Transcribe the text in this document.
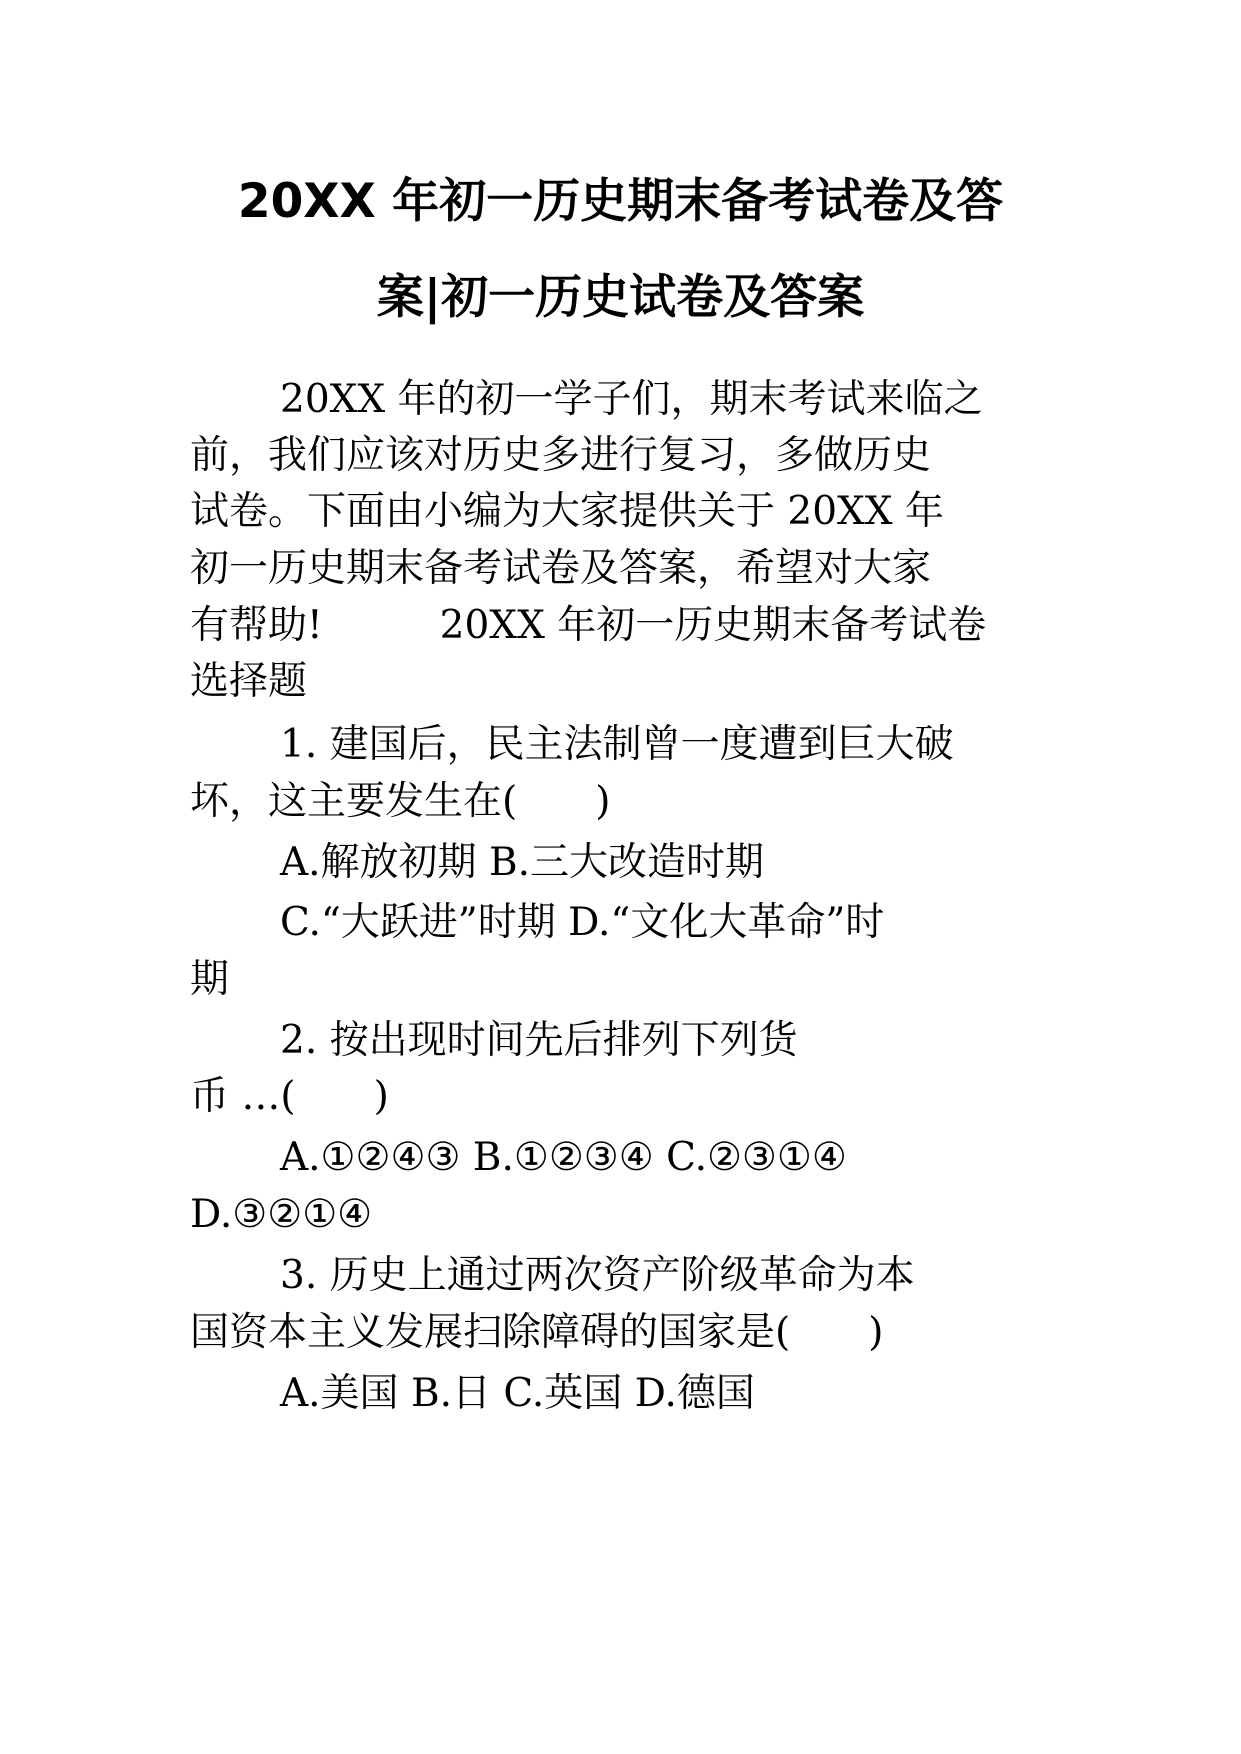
20XX 年初一历史期末备考试卷及答
案|初一历史试卷及答案
20XX 年的初一学子们，期末考试来临之
前，我们应该对历史多进行复习，多做历史
试卷。下面由小编为大家提供关于 20XX 年
初一历史期末备考试卷及答案，希望对大家
有帮助!　　　20XX 年初一历史期末备考试卷
选择题
1. 建国后，民主法制曾一度遭到巨大破
坏，这主要发生在(　　)
A.解放初期 B.三大改造时期
C.“大跃进”时期 D.“文化大革命”时
期
2. 按出现时间先后排列下列货
币 …(　　)
A.①②④③ B.①②③④ C.②③①④
D.③②①④
3. 历史上通过两次资产阶级革命为本
国资本主义发展扫除障碍的国家是(　　)
A.美国 B.日 C.英国 D.德国
